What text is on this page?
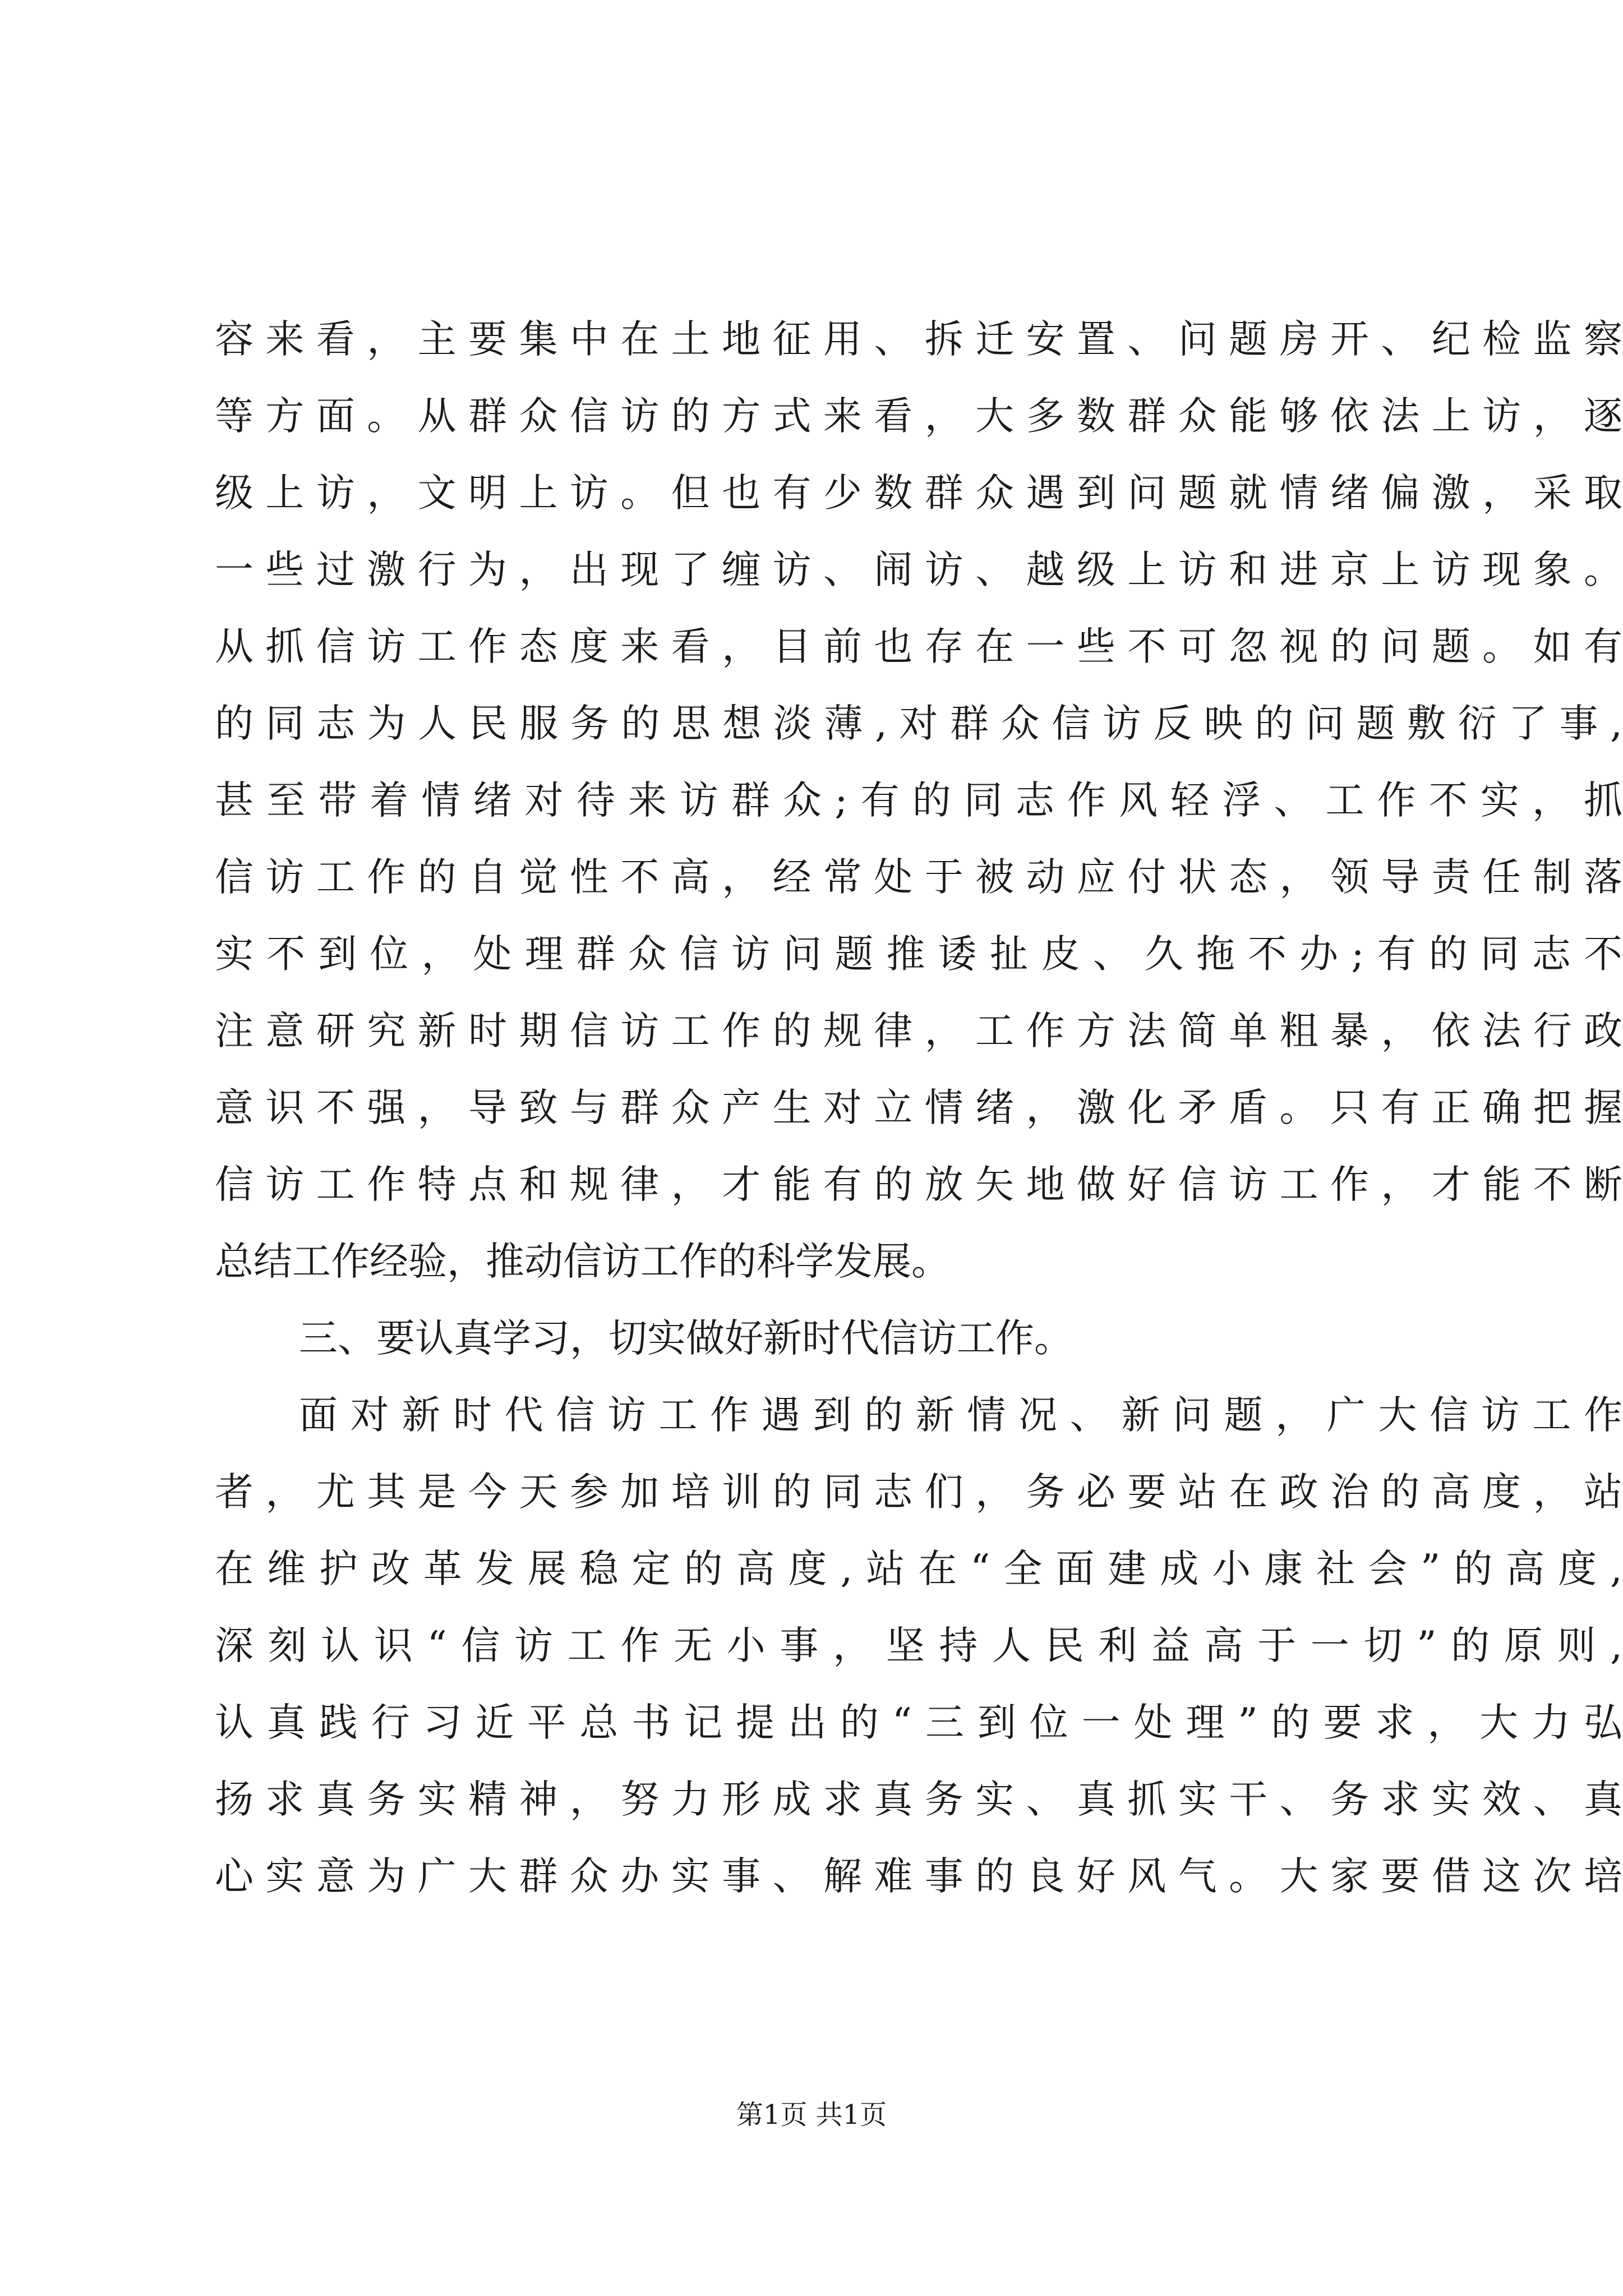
容来看，主要集中在土地征用、拆迁安置、问题房开、纪检监察
等方面。从群众信访的方式来看，大多数群众能够依法上访，逐
级上访，文明上访。但也有少数群众遇到问题就情绪偏激，采取
一些过激行为，出现了缠访、闹访、越级上访和进京上访现象。
从抓信访工作态度来看，目前也存在一些不可忽视的问题。如有
的同志为人民服务的思想淡薄,对群众信访反映的问题敷衍了事,
甚至带着情绪对待来访群众;有的同志作风轻浮、工作不实，抓
信访工作的自觉性不高，经常处于被动应付状态，领导责任制落
实不到位，处理群众信访问题推诿扯皮、久拖不办;有的同志不
注意研究新时期信访工作的规律，工作方法简单粗暴，依法行政
意识不强，导致与群众产生对立情绪，激化矛盾。只有正确把握
信访工作特点和规律，才能有的放矢地做好信访工作，才能不断
总结工作经验，推动信访工作的科学发展。
三、要认真学习，切实做好新时代信访工作。
面对新时代信访工作遇到的新情况、新问题，广大信访工作
者，尤其是今天参加培训的同志们，务必要站在政治的高度，站
在维护改革发展稳定的高度,站在“全面建成小康社会”的高度,
深刻认识“信访工作无小事，坚持人民利益高于一切”的原则,
认真践行习近平总书记提出的“三到位一处理”的要求，大力弘
扬求真务实精神，努力形成求真务实、真抓实干、务求实效、真
心实意为广大群众办实事、解难事的良好风气。大家要借这次培
第1页 共1页
